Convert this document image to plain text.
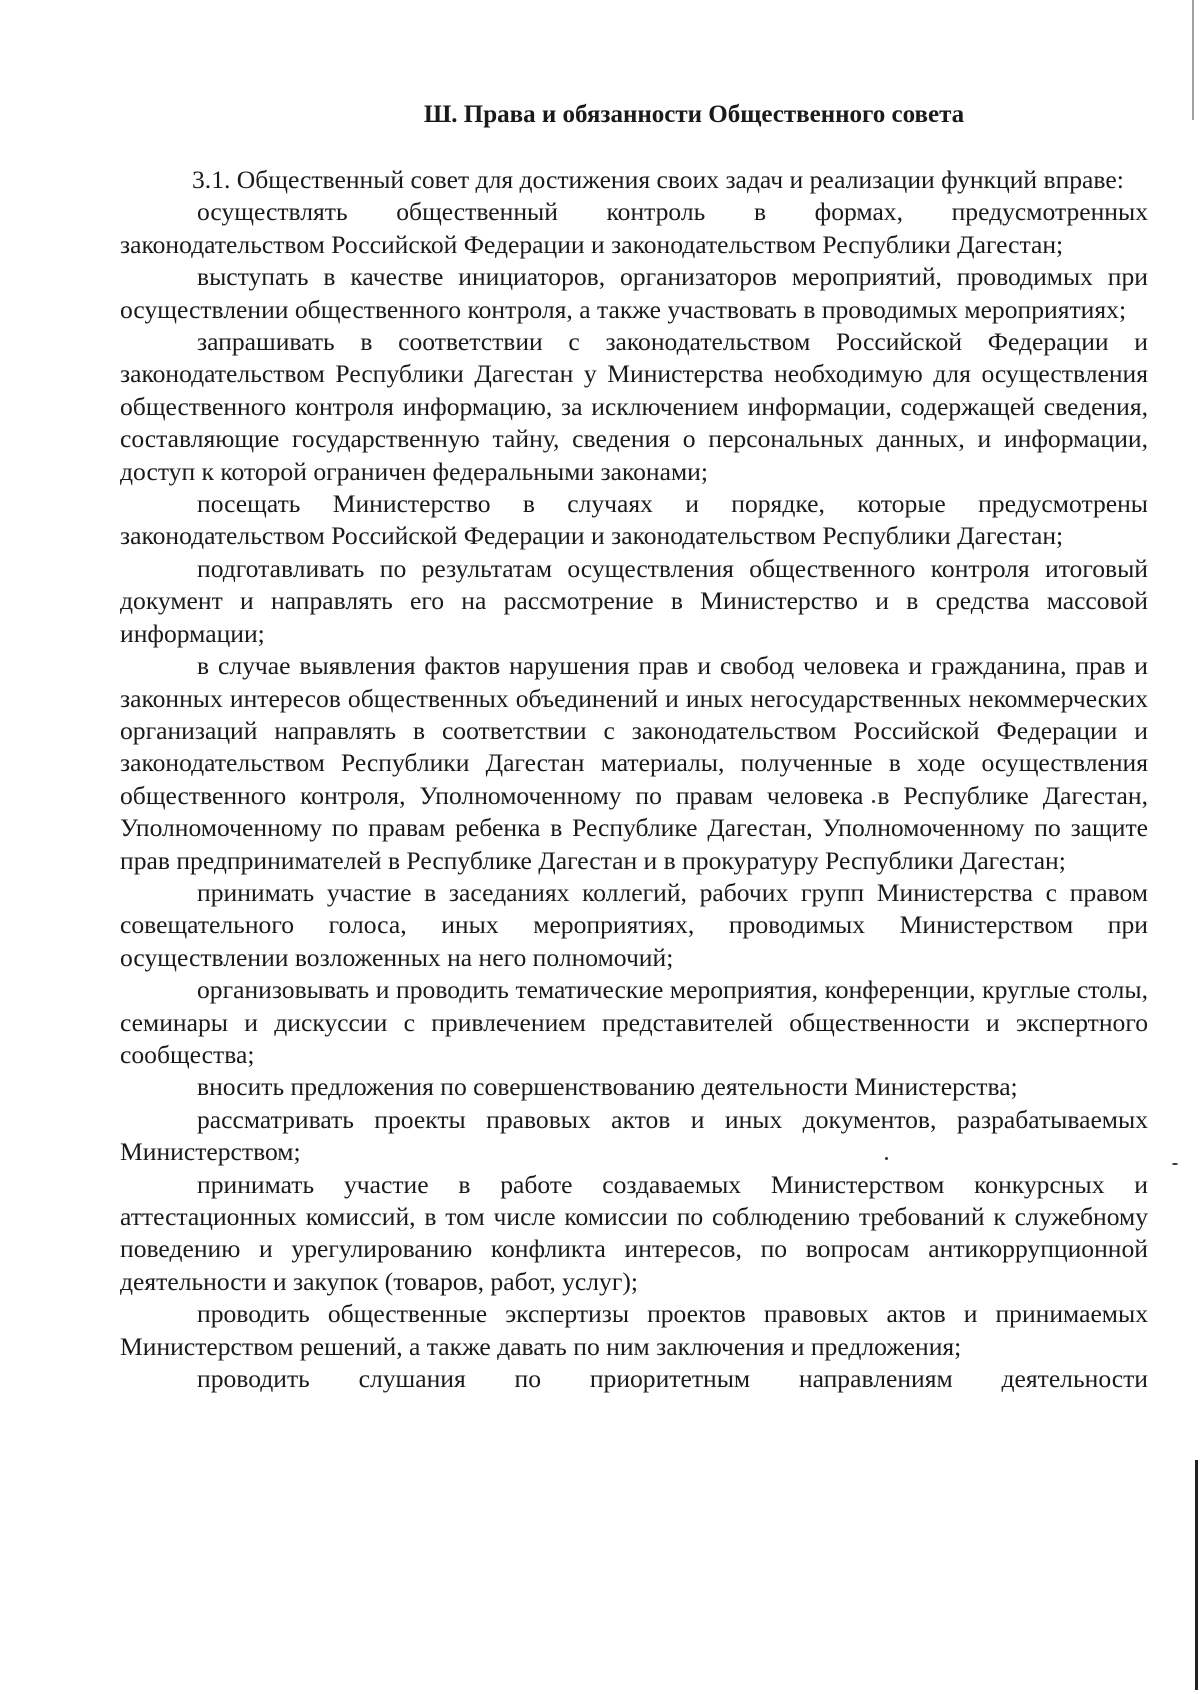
Ш. Права и обязанности Общественного совета

3.1. Общественный совет для достижения своих задач и реализации функций вправе:

осуществлять общественный контроль в формах, предусмотренных законодательством Российской Федерации и законодательством Республики Дагестан;

выступать в качестве инициаторов, организаторов мероприятий, проводимых при осуществлении общественного контроля, а также участвовать в проводимых мероприятиях;

запрашивать в соответствии с законодательством Российской Федерации и законодательством Республики Дагестан у Министерства необходимую для осуществления общественного контроля информацию, за исключением информации, содержащей сведения, составляющие государственную тайну, сведения о персональных данных, и информации, доступ к которой ограничен федеральными законами;

посещать Министерство в случаях и порядке, которые предусмотрены законодательством Российской Федерации и законодательством Республики Дагестан;

подготавливать по результатам осуществления общественного контроля итоговый документ и направлять его на рассмотрение в Министерство и в средства массовой информации;

в случае выявления фактов нарушения прав и свобод человека и гражданина, прав и законных интересов общественных объединений и иных негосударственных некоммерческих организаций направлять в соответствии с законодательством Российской Федерации и законодательством Республики Дагестан материалы, полученные в ходе осуществления общественного контроля, Уполномоченному по правам человека в Республике Дагестан, Уполномоченному по правам ребенка в Республике Дагестан, Уполномоченному по защите прав предпринимателей в Республике Дагестан и в прокуратуру Республики Дагестан;

принимать участие в заседаниях коллегий, рабочих групп Министерства с правом совещательного голоса, иных мероприятиях, проводимых Министерством при осуществлении возложенных на него полномочий;

организовывать и проводить тематические мероприятия, конференции, круглые столы, семинары и дискуссии с привлечением представителей общественности и экспертного сообщества;

вносить предложения по совершенствованию деятельности Министерства;

рассматривать проекты правовых актов и иных документов, разрабатываемых Министерством;

принимать участие в работе создаваемых Министерством конкурсных и аттестационных комиссий, в том числе комиссии по соблюдению требований к служебному поведению и урегулированию конфликта интересов, по вопросам антикоррупционной деятельности и закупок (товаров, работ, услуг);

проводить общественные экспертизы проектов правовых актов и принимаемых Министерством решений, а также давать по ним заключения и предложения;

проводить слушания по приоритетным направлениям деятельности
